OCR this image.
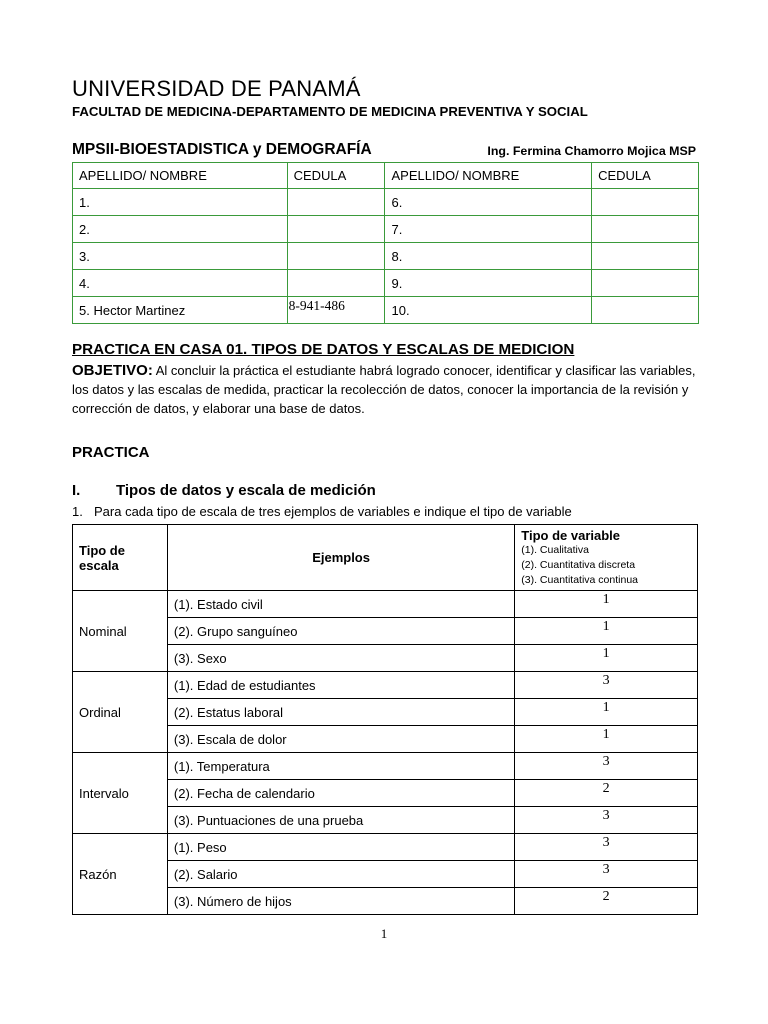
UNIVERSIDAD DE PANAMÁ
FACULTAD DE MEDICINA-DEPARTAMENTO DE MEDICINA PREVENTIVA Y SOCIAL
MPSII-BIOESTADISTICA y DEMOGRAFÍA	Ing. Fermina Chamorro Mojica MSP
APELLIDO/ NOMBRE	CEDULA	APELLIDO/ NOMBRE	CEDULA
1.		6.	
2.		7.	
3.		8.	
4.		9.	
5. Hector Martinez	8-941-486	10.	
PRACTICA EN CASA 01. TIPOS DE DATOS Y ESCALAS DE MEDICION
OBJETIVO: Al concluir la práctica el estudiante habrá logrado conocer, identificar y clasificar las variables, los datos y las escalas de medida, practicar la recolección de datos, conocer la importancia de la revisión y corrección de datos, y elaborar una base de datos.
PRACTICA
I. Tipos de datos y escala de medición
1. Para cada tipo de escala de tres ejemplos de variables e indique el tipo de variable
Tipo de escala	Ejemplos	Tipo de variable
(1). Cualitativa
(2). Cuantitativa discreta
(3). Cuantitativa continua

Nominal	(1). Estado civil	1
	(2). Grupo sanguíneo	1
	(3). Sexo	1
Ordinal	(1). Edad de estudiantes	3
	(2). Estatus laboral	1
	(3). Escala de dolor	1
Intervalo	(1). Temperatura	3
	(2). Fecha de calendario	2
	(3). Puntuaciones de una prueba	3
Razón	(1). Peso	3
	(2). Salario	3
	(3). Número de hijos	2
1
